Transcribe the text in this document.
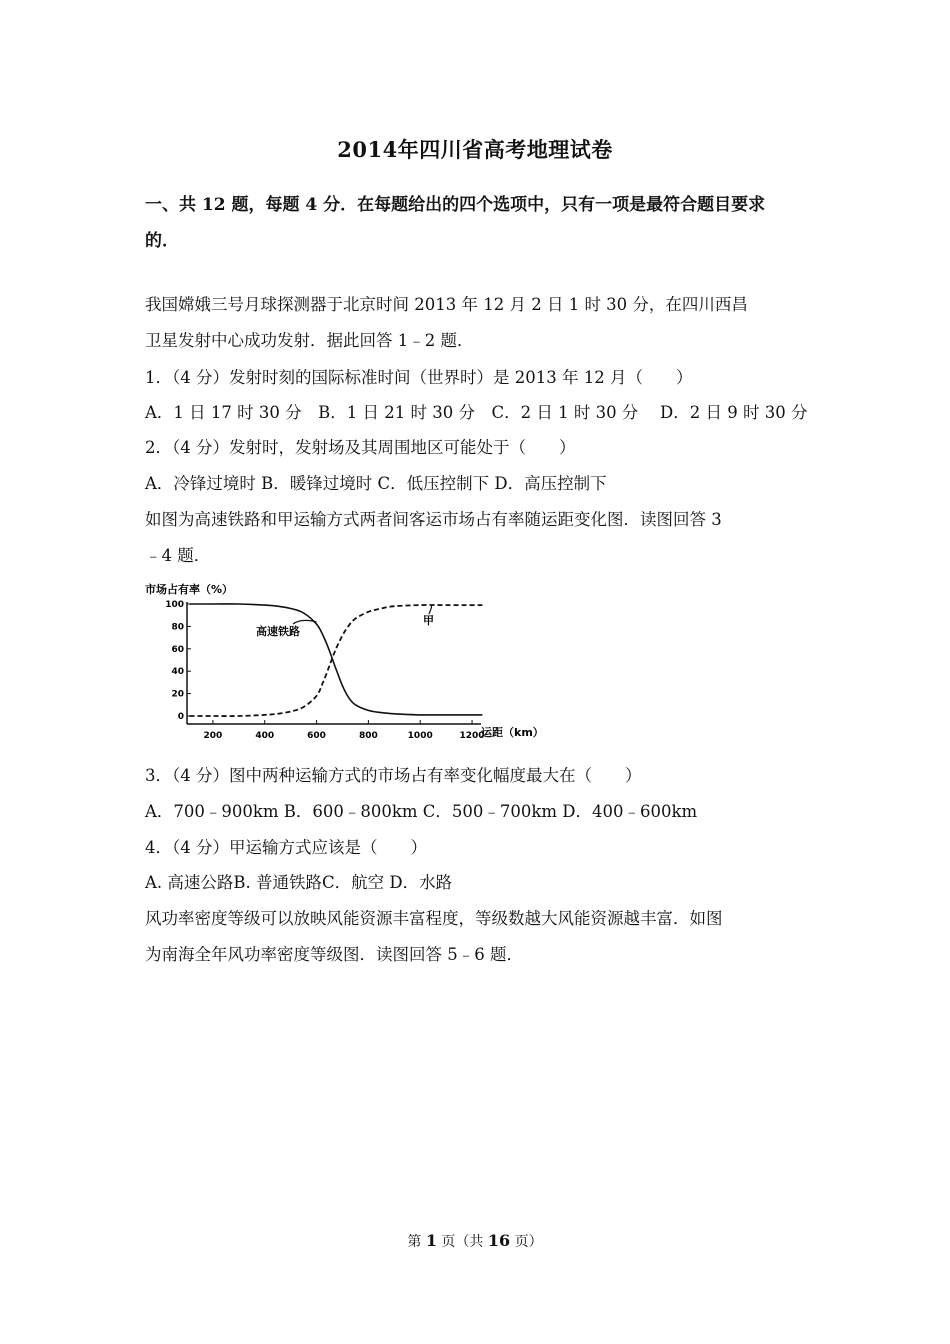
2014年四川省高考地理试卷
一、共 12 题，每题 4 分．在每题给出的四个选项中，只有一项是最符合题目要求
的．
我国嫦娥三号月球探测器于北京时间 2013 年 12 月 2 日 1 时 30 分，在四川西昌
卫星发射中心成功发射．据此回答 1﹣2 题．
1．（4 分）发射时刻的国际标准时间（世界时）是 2013 年 12 月（　　）
A．1 日 17 时 30 分　B．1 日 21 时 30 分　C．2 日 1 时 30 分　 D．2 日 9 时 30 分
2．（4 分）发射时，发射场及其周围地区可能处于（　　）
A．冷锋过境时 B．暖锋过境时 C．低压控制下 D．高压控制下
如图为高速铁路和甲运输方式两者间客运市场占有率随运距变化图．读图回答 3
﹣4 题．
市场占有率（%）
运距（km）
200	400	600	800	1000	1200
100
80
60
40
20
0
高速铁路
甲
3．（4 分）图中两种运输方式的市场占有率变化幅度最大在（　　）
A．700﹣900km B．600﹣800km C．500﹣700km D．400﹣600km
4．（4 分）甲运输方式应该是（　　）
A. 高速公路B. 普通铁路C．航空 D．水路
风功率密度等级可以放映风能资源丰富程度，等级数越大风能资源越丰富．如图
为南海全年风功率密度等级图．读图回答 5﹣6 题．
第 1 页（共 16 页）
